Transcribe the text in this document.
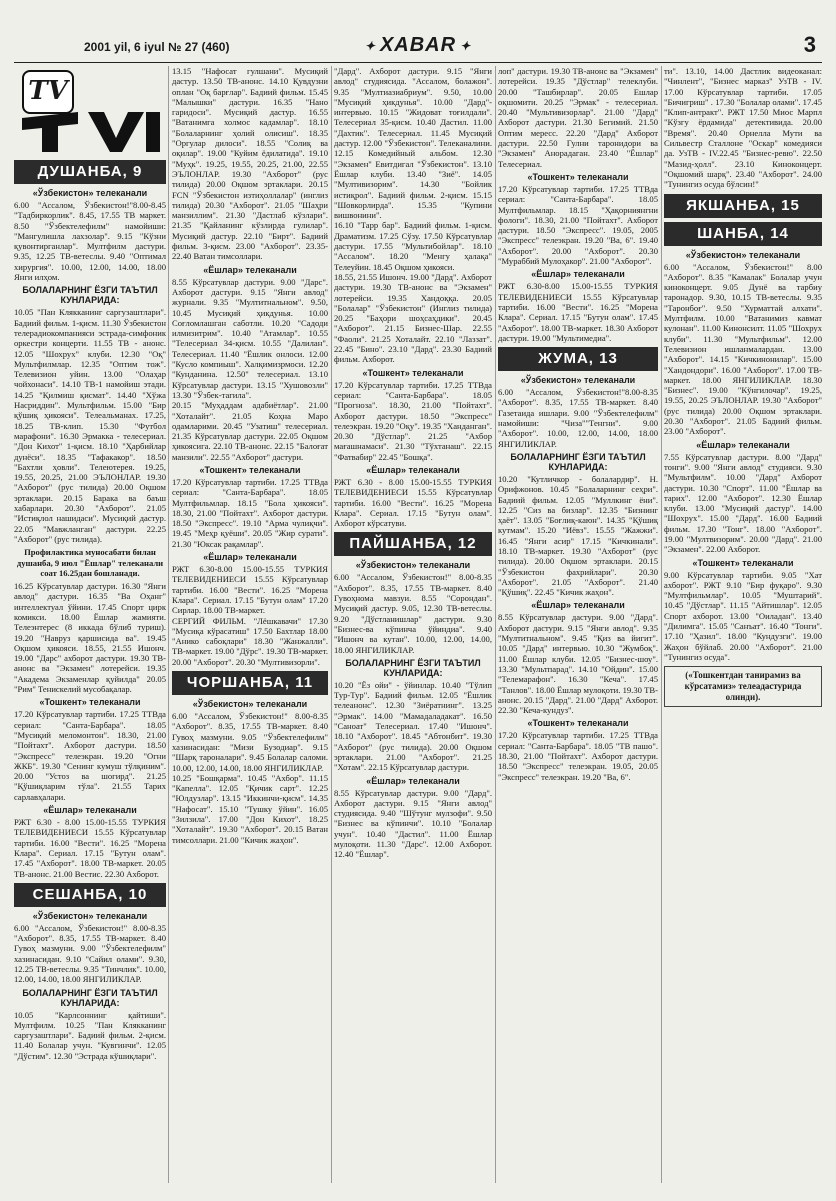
2001 yil, 6 iyul № 27 (460)	✦ XABAR ✦	3
TV
ДУШАНБА, 9
«Ўзбекистон» телеканали

6.00 "Ассалом, Ўзбекистон!"8.00-8.45 "Тадбиркорлик". 8.45, 17.55 ТВ маркет. 8.50 "Ўзбектелефилм" намойиши: "Мангулишла лахзолар". 9.15 "Кўзни қувонтирганлар". Мултфилм дастури. 9.35, 12.25 ТВ-ветеслы. 9.40 "Оптимал хирургия". 10.00, 12.00, 14.00, 18.00 Янги илҳом.

БОЛАЛАРНИНГ ЁЗГИ ТАЪТИЛ КУНЛАРИДА:

10.05 "Пан Клякканинг саргузаштлари". Бадиий фильм. 1-қисм. 11.30 Ўзбекистон телерадиокомпанияси эстрада-симфоник оркестри концерти. 11.55 ТВ - анонс. 12.05 "Шохрух" клуби. 12.30 "Оқ" Мультфилмлар. 12.35 "Оптим тож". Телевизион уйин. 13.00 "Олаҳар чойхонаси". 14.10 ТВ-1 намойиш этади. 14.25 "Қилмиш қисмат". 14.40 "Хўжа Насриддин". Мультфильм. 15.00 "Бир қўшиқ ҳикояси". Телеальманах. 17.25, 18.25 ТВ-клип. 15.30 "Футбол марафони". 16.30 Эрмакка - телесериал. "Дон Кихот" 1-қисм. 18.10 "Ҳарбийлар дунёси". 18.35 "Тафакакор". 18.50 "Бахтли ҳовли". Телеютерея. 19.25, 19.55, 20.25, 21.00 ЭЪЛОНЛАР. 19.30 "Ахборот" (рус тилида) 20.00 Оқшом эртаклари. 20.15 Барака ва баъш хабарлари. 20.30 "Ахборот". 21.05 "Истиқлол нашидаси". Мусиқий дастур. 22.05 "Мавжланган" дастури. 22.25 "Ахборот" (рус тилида).

Профилактика муносабати билан душанба, 9 июл "Ёшлар" телеканали соат 16.25дан бошланади.

16.25 Кўрсатувлар дастури. 16.30 "Янги авлод" дастури. 16.35 "Ва Оҳанг" интеллектуал ўйини. 17.45 Спорт цирк комикси. 18.00 Ёшлар жамияти. Телеэнтерес (8 иккада бўлиб туриш). 19.20 "Навруз қаршисида ва". 19.45 Оқшом ҳикояси. 18.55, 21.55 Ишонч. 19.00 "Дарс" ахборот дастури. 19.30 ТВ-анонс ва "Экзамен" лотерейси. 19.35 "Академа Экзаменлар қуйилда" 20.05 "Рим" Тенискелий мусобақалар.

«Тошкент» телеканали

17.20 Кўрсатувлар тартиби. 17.25 ТТВда сериал: "Санта-Барбара". 18.05 "Мусиқий меломонтон". 18.30, 21.00 "Пойтахт". Ахборот дастури. 18.50 "Экспресс" телеэкран. 19.20 "Огни ЖКБ". 19.30 "Сенинг кумуш тўлқиним". 20.00 "Устоз ва шогирд". 21.25 "Қўшиқларим тўла". 21.55 Тарих сарлавҳалари.

«Ёшлар» телеканали

РЖТ 6.30 - 8.00 15.00-15.55 ТУРКИЯ ТЕЛЕВИДЕНИЕСИ 15.55 Кўрсатувлар тартиби. 16.00 "Вести". 16.25 "Moрена Клара". Сериал. 17.15 "Бутун олам". 17.45 "Ахборот". 18.00 ТВ-маркет. 20.05 ТВ-анонс. 21.00 Вестис. 22.30 Ахборот.

СЕШАНБА, 10
«Ўзбекистон» телеканали

6.00 "Ассалом, Ўзбекистон!" 8.00-8.35 "Ахборот". 8.35, 17.55 ТВ-маркет. 8.40 Гувоҳ мазмуни. 9.00 "Ўзбектелефилм" хазинасидан. 9.10 "Сайил олами". 9.30, 12.25 ТВ-ветеслы. 9.35 "Тинчлик". 10.00, 12.00, 14.00, 18.00 ЯНГИЛИКЛАР.

БОЛАЛАРНИНГ ЁЗГИ ТАЪТИЛ КУНЛАРИДА:

10.05 "Карлсоннинг қайтиши". Мултфилм. 10.25 "Пан Клякканинг саргузаштлари". Бадиий фильм. 2-қисм. 11.40 Болалар учун. "Кувгинчи". 12.05 "Дўстим". 12.30 "Эстрада кўшиқлари".

13.15 "Нафосат гулшани". Мусиқий дастур. 13.50 ТВ-анонс. 14.10 Қувдузни оплан "Оқ барғлар". Бадиий фильм. 15.45 "Малышки" дастури. 16.35 "Нано гаридоси". Мусиқий дастур. 16.55 "Ватанимга холмос кадамлар". 18.10 "Болаларнинг ҳолий олисиш". 18.35 "Оргулар дилоси". 18.55 "Солиқ ва оқилар". 19.00 "Куйим ёдилатида". 19.10 "Муҳк". 19.25, 19.55, 20.25, 21.00, 22.55 ЭЪЛОНЛАР. 19.30 "Ахборот" (рус тилида) 20.00 Оқшом эртаклари. 20.15 FCN "Ўзбекистон изтиҳоллалар" (инглиз тилида) 20.30 "Ахборот". 21.05 "Шаҳри манзиллим". 21.30 "Дастлаб кўзлари". 21.35 "Қайланинг кўзлирда гулилар". Мусиқий дастур. 22.10 "Бирт". Бадиий фильм. 3-қисм. 23.00 "Ахборот". 23.35-22.40 Ватан тимсоллари.

«Ёшлар» телеканали

8.55 Кўрсатувлар дастури. 9.00 "Дарс". Ахборот дастури. 9.15 "Янги авлод" журнали. 9.35 "Мултитнальном". 9.50, 10.45 Мусиқий ҳикдунья. 10.00 Соғломлашган саботли. 10.20 "Садоди илмизитрим". 10.40 "Атамлар". 10.55 "Телесериал 34-қисм. 10.55 "Далилан". Телесериал. 11.40 "Ёшлик онлоси. 12.00 "Кусло компиыш". Халқимизрмоси. 12.20 "Кунданина. 12.50" телесериал. 13.10 Кўрсатувлар дастури. 13.15 "Хушовозли" 13.30 "Ўзбек-тагила".

20.15 "Муҳаддам адабиётлар". 21.00 "Хоталайт". 21.05 Коҳна Маро одамларими. 20.45 "Узатиш" телесериал. 21.35 Кўрсатувлар дастури. 22.05 Оқшом ҳикоясига. 22.10 ТВ-анонс. 22.15 "Балоғат манзили". 22.55 "Ахборот" дастури.

«Тошкент» телеканали

17.20 Кўрсатувлар тартиби. 17.25 ТТВда сериал: "Санта-Барбара". 18.05 Мултфильмлар. 18.15 "Бола ҳикояси". 18.30, 21.00 "Пойтахт". Ахборот дастури. 18.50 "Экспресс". 19.10 "Арма чулиқчи". 19.45 "Меҳр қуёши". 20.05 "Жир сурати". 21.30 "Юксак рақамлар".

«Ёшлар» телеканали

РЖТ 6.30-8.00 15.00-15.55 ТУРКИЯ ТЕЛЕВИДЕНИЕСИ 15.55 Кўрсатувлар тартиби. 16.00 "Вести". 16.25 "Moрена Клара". Сериал. 17.15 "Бутун олам" 17.20 Сирлар. 18.00 ТВ-маркет.

СЕРГИЙ ФИЛЬМ. "Лёшкавачи" 17.30 "Мусиқа кўрасатиш" 17.50 Бахтлар 18.00 "Анико сабоқлари" 18.30 "Жанжалли". ТВ-маркет. 19.00 "Дўрс". 19.30 ТВ-маркет. 20.00 "Ахборот". 20.30 "Мултивизорли".

ЧОРШАНБА, 11
«Ўзбекистон» телеканали

6.00 "Ассалом, Ўзбекистон!" 8.00-8.35 "Ахборот". 8.35, 17.55 ТВ-маркет. 8.40 Гувоҳ мазмуни. 9.05 "Ўзбектелефилм" хазинасидан: "Мизи Бузодиар". 9.15 "Шарқ тароналари". 9.45 Болалар саломи. 10.00, 12.00, 14.00, 18.00 ЯНГИЛИКЛАР.

10.25 "Бошқарма". 10.45 "Ахбор". 11.15 "Капелла". 12.05 "Қичик сарт". 12.25 "Юлдузлар". 13.15 "Иккинчи-қисм". 14.35 "Нафосат". 15.10 "Тушку ўйин". 16.05 "Зилзила". 17.00 "Дон Кихот". 18.25 "Хоталайт". 19.30 "Ахборот". 20.15 Ватан тимсоллари. 21.00 "Кичик жаҳон".

"Дард". Ахборот дастури. 9.15 "Янги авлод" студиясида. "Ассалом, болажон". 9.35 "Мултиазиабриум". 9.50, 10.00 "Мусиқий ҳикдунья". 10.00 "Дард"-интервью. 10.15 "Жидоват тоғилдали". Телесериал 35-қисм. 10.40 Дастил. 11.00 "Дахтик". Телесериал. 11.45 Мусиқий дастур. 12.00 "Ўзбекистон". Телеканалини. 12.15 Комедийный альбом. 12.30 "Экзамен" Евитдигал "Ўзбекистон". 13.10 Ёшлар клуби. 13.40 "Зиё". 14.05 "Мултивизорим". 14.30 "Бойлик истиқрол". Бадиий фильм. 2-қисм. 15.15 "Шовкорлирда". 15.35 "Купини вишвонини".

16.10 "Тарр бар". Бадиий фильм. 1-қисм. Драматизм. 17.25 Сўзу. 17.50 Кўрсатувлар дастури. 17.55 "Мультибойлар". 18.10 "Ассалом". 18.20 "Менгу ҳалақа" Телеуйин. 18.45 Оқшом ҳикояси.

18.55, 21.55 Ишонч. 19.00 "Дард". Ахборот дастури. 19.30 ТВ-анонс ва "Экзамен" лотерейси. 19.35 Хандоққа. 20.05 "Болалар" "Ўзбекистон" (Инглиз тилида) 20.25 "Баҳори шоҳсаҳдики". 20.45 "Ахборот". 21.15 Бизнес-Шар. 22.55 "Фаоли". 21.25 Хоталайт. 22.10 "Лаззат". 22.45 "Бино". 23.10 "Дард". 23.30 Бадиий фильм. Ахборот.

«Тошкент» телеканали

17.20 Кўрсатувлар тартиби. 17.25 ТТВда сериал: "Санта-Барбара". 18.05 "Прогноза". 18.30, 21.00 "Пойтахт". Ахборот дастури. 18.50 "Экспресс" телеэкран. 19.20 "Оқу". 19.35 "Ханданган". 20.30 "Дўстлар". 21.25 "Ахбор мағашнамаси". 21.30 "Тўхтанаш". 22.15 "Фатвабир" 22.45 "Бошқа".

«Ёшлар» телеканали

РЖТ 6.30 - 8.00 15.00-15.55 ТУРКИЯ ТЕЛЕВИДЕНИЕСИ 15.55 Кўрсатувлар тартиби. 16.00 "Вести". 16.25 "Moрена Клара". Сериал. 17.15 "Бутун олам". Ахборот кўрсатуви.

ПАЙШАНБА, 12
«Ўзбекистон» телеканали

6.00 "Ассалом, Ўзбекистон!" 8.00-8.35 "Ахборот". 8.35, 17.55 ТВ-маркет. 8.40 Гувоҳнома мавзуи. 8.55 "Сорондан". Мусиқий дастур. 9.05, 12.30 ТВ-ветеслы. 9.20 "Дўстланишлар" дастури. 9.30 "Бизнес-ва кўпинча ўйиндиа". 9.40 "Ишонч ва кутан". 10.00, 12.00, 14.00, 18.00 ЯНГИЛИКЛАР.

БОЛАЛАРНИНГ ЁЗГИ ТАЪТИЛ КУНЛАРИДА:

10.20 "Ёз ойи" - ўйинлар. 10.40 "Тўлип Тур-Тур". Бадиий фильм. 12.05 "Ёшлик телеанонс". 12.30 "Зиёратнинг". 13.25 "Эрмак". 14.00 "Мамадаладакат". 16.50 "Саноат" Телесериал. 17.40 "Ишонч". 18.10 "Ахборот". 18.45 "Абтонбит". 19.30 "Ахборот" (рус тилида). 20.00 Оқшом эртаклари. 21.00 "Ахборот". 21.25 "Хотам". 22.15 Кўрсатувлар дастури.

«Ёшлар» телеканали

8.55 Кўрсатувлар дастури. 9.00 "Дард". Ахборот дастури. 9.15 "Янги авлод" студиясида. 9.40 "Шўтунг мулзофи". 9.50 "Бизнес ва кўпинчи". 10.10 "Болалар учун". 10.40 "Дастил". 11.00 Ёшлар мулоқоти. 11.30 "Дарс". 12.00 Ахборот. 12.40 "Ёшлар".

лоп" дастури. 19.30 ТВ-анонс ва "Экзамен" лотерейси. 19.35 "Дўстлар" телеклуби. 20.00 "Ташбирлар". 20.05 Ешлар оқшомити. 20.25 "Эрмак" - телесериал. 20.40 "Мультивизорлар". 21.00 "Дард" Ахборот дастури. 21.30 Бегимий. 21.50 Оптим мересс. 22.20 "Дард" Ахборот дастури. 22.50 Гулни таронидори ва "Экзамен" Анорадаган. 23.40 "Ёшлар" Телесериал.

«Тошкент» телеканали

17.20 Кўрсатувлар тартиби. 17.25 ТТВда сериал: "Санта-Барбара". 18.05 Мултфильмлар. 18.15 "Ҳақорниянгни фологи". 18.30, 21.00 "Пойтахт". Ахборот дастури. 18.50 "Экспресс". 19.05, 2005 "Экспресс" телеэкран. 19.20 "Ва, 6". 19.40 "Ахборот". 20.00 "Ахборот". 20.30 "Мураббий Мулоҳакор". 21.00 "Ахборот".

«Ёшлар» телеканали

РЖТ 6.30-8.00 15.00-15.55 ТУРКИЯ ТЕЛЕВИДЕНИЕСИ 15.55 Кўрсатувлар тартиби. 16.00 "Вести". 16.25 "Moрена Клара". Сериал. 17.15 "Бутун олам". 17.45 "Ахборот". 18.00 ТВ-маркет. 18.30 Ахборот дастури. 19.00 "Мультимедиа".

ЖУМА, 13
«Ўзбекистон» телеканали

6.00 "Ассалом, Ўзбекистон!"8.00-8.35 "Ахборот". 8.35, 17.55 ТВ-маркет. 8.40 Газетаида ишлари. 9.00 "Ўзбектелефилм" намойиши: "Чиза""Тенгни". 9.00 "Ахборот". 10.00, 12.00, 14.00, 18.00 ЯНГИЛИКЛАР.

БОЛАЛАРНИНГ ЁЗГИ ТАЪТИЛ КУНЛАРИДА:

10.20 "Кутличкор - болалардир". Н. Орифжонов. 10.45 "Болаларнинг сеҳри". Бадиий фильм. 12.05 "Муллкинг ёни". 12.25 "Сиз ва бизлар". 12.35 "Бизнинг ҳаёт". 13.05 "Боғлиқ-каюн". 14.35 "Қўшиқ кутмам". 15.20 "Иёвз". 15.55 "Жажжи". 16.45 "Янги асир" 17.15 "Кичкинали". 18.10 ТВ-маркет. 19.30 "Ахборот" (рус тилида). 20.00 Оқшом эртаклари. 20.15 "Ўзбекистон фахрийлари". 20.30 "Ахборот". 21.05 "Ахборот". 21.40 "Қўшиқ". 22.45 "Кичик жаҳон".

«Ёшлар» телеканали

8.55 Кўрсатувлар дастури. 9.00 "Дард". Ахборот дастури. 9.15 "Янги авлод". 9.35 "Мултитнальном". 9.45 "Қиз ва йигит". 10.05 "Дард" интервью. 10.30 "Жумбоқ". 11.00 Ёшлар клуби. 12.05 "Бизнес-шоу". 13.30 "Мультпарад". 14.10 "Ойдин". 15.00 "Телемарафон". 16.30 "Кеча". 17.45 "Танлов". 18.00 Ёшлар мулоқоти. 19.30 ТВ-анонс. 20.15 "Дард". 21.00 "Дард" Ахборот. 22.30 "Кеча-кундуз".

«Тошкент» телеканали

17.20 Кўрсатувлар тартиби. 17.25 ТТВда сериал: "Санта-Барбара". 18.05 "ТВ пашо". 18.30, 21.00 "Пойтахт". Ахборот дастури. 18.50 "Экспресс" телеэкран. 19.05, 20.05 "Экспресс" телеэкран. 19.20 "Ва, 6".

ти". 13.10, 14.00 Дастлик видеоканал: "Чинлент", "Бизнес марказ" УзТВ - IV. 17.00 Кўрсатувлар тартиби. 17.05 "Бичигриш" . 17.30 "Болалар олами". 17.45 "Клип-антракт". РЖТ 17.50 Миос Марпл "Кўзгу ёрдамида" детективида. 20.00 "Время". 20.40 Орнелла Мути ва Сильвестр Сталлоне "Оскар" комедияси да. УзТВ - IV.22.45 "Бизнес-ревю". 22.50 "Мазид-ҳолл". 23.10 Киноконцерт. "Оқшомий шарқ". 23.40 "Ахборот". 24.00 "Тунингиз осуда бўлсин!"

ЯКШАНБА, 15
ШАНБА, 14
«Ўзбекистон» телеканали

6.00 "Ассалом, Ўзбекистон!" 8.00 "Ахборот". 8.35 "Камалак" Болалар учун киноконцерт. 9.05 Дунё ва тарбиу таронадор. 9.30, 10.15 ТВ-ветеслы. 9.35 "Таронбоғ". 9.50 "Хурматтай алхати". Мултфилм. 10.00 "Ватанимиз кавмат кулонан". 11.00 Кинонсилт. 11.05 "Шохрух клуби". 11.30 "Мультфильм". 12.00 Телевизион ишланмалардан. 13.00 "Ахборот". 14.15 "Кичкинонилар". 15.00 "Хандондори". 16.00 "Ахборот". 17.00 ТВ-маркет. 18.00 ЯНГИЛИКЛАР. 18.30 "Бизнес". 19.00 "Кўнгилочар". 19.25, 19.55, 20.25 ЭЪЛОНЛАР. 19.30 "Ахборот" (рус тилида) 20.00 Оқшом эртаклари. 20.30 "Ахборот". 21.05 Бадиий фильм. 23.00 "Ахборот".

«Ёшлар» телеканали

7.55 Кўрсатувлар дастури. 8.00 "Дард" тонги". 9.00 "Янги авлод" студияси. 9.30 "Мультфилм". 10.00 "Дард" Ахборот дастури. 10.30 "Спорт". 11.00 "Ёшлар ва тарих". 12.00 "Ахборот". 12.30 Ёшлар клуби. 13.00 "Мусиқий дастур". 14.00 "Шохрух". 15.00 "Дард". 16.00 Бадиий фильм. 17.30 "Тонг". 18.00 "Ахборот". 19.00 "Мултвизорим". 20.00 "Дард". 21.00 "Экзамен". 22.00 Ахборот.

«Тошкент» телеканали

9.00 Кўрсатувлар тартиби. 9.05 "Хат ахборот". РЖТ 9.10 "Бир фуқаро". 9.30 "Мултфильмлар". 10.05 "Муштарий". 10.45 "Дўстлар". 11.15 "Айтишлар". 12.05 Спорт ахборот. 13.00 "Оиладан". 13.40 "Дилимга". 15.05 "Санъат". 16.40 "Тонги". 17.10 "Ҳазил". 18.00 "Кундузги". 19.00 Жаҳон бўйлаб. 20.00 "Ахборот". 21.00 "Тунингиз осуда".

(«Тошкентдан танирамиз ва кўрсатамиз» телеадастурида олинди).
